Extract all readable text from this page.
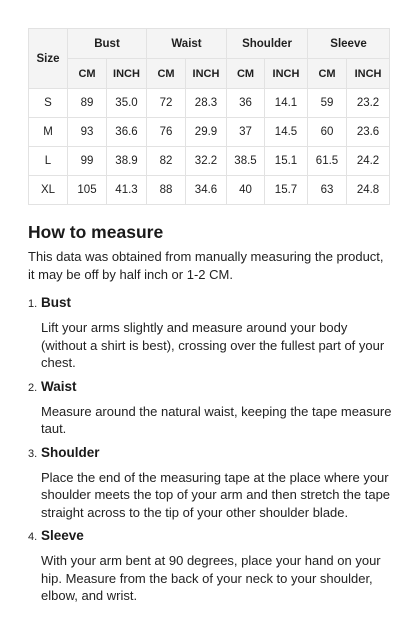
Size	Bust		Waist		Shoulder		Sleeve	
	CM	INCH	CM	INCH	CM	INCH	CM	INCH
S	89	35.0	72	28.3	36	14.1	59	23.2
M	93	36.6	76	29.9	37	14.5	60	23.6
L	99	38.9	82	32.2	38.5	15.1	61.5	24.2
XL	105	41.3	88	34.6	40	15.7	63	24.8
How to measure

This data was obtained from manually measuring the product, it may be off by half inch or 1-2 CM.

1. Bust

Lift your arms slightly and measure around your body (without a shirt is best), crossing over the fullest part of your chest.

2. Waist

Measure around the natural waist, keeping the tape measure taut.

3. Shoulder

Place the end of the measuring tape at the place where your shoulder meets the top of your arm and then stretch the tape straight across to the tip of your other shoulder blade.

4. Sleeve

With your arm bent at 90 degrees, place your hand on your hip. Measure from the back of your neck to your shoulder, elbow, and wrist.
